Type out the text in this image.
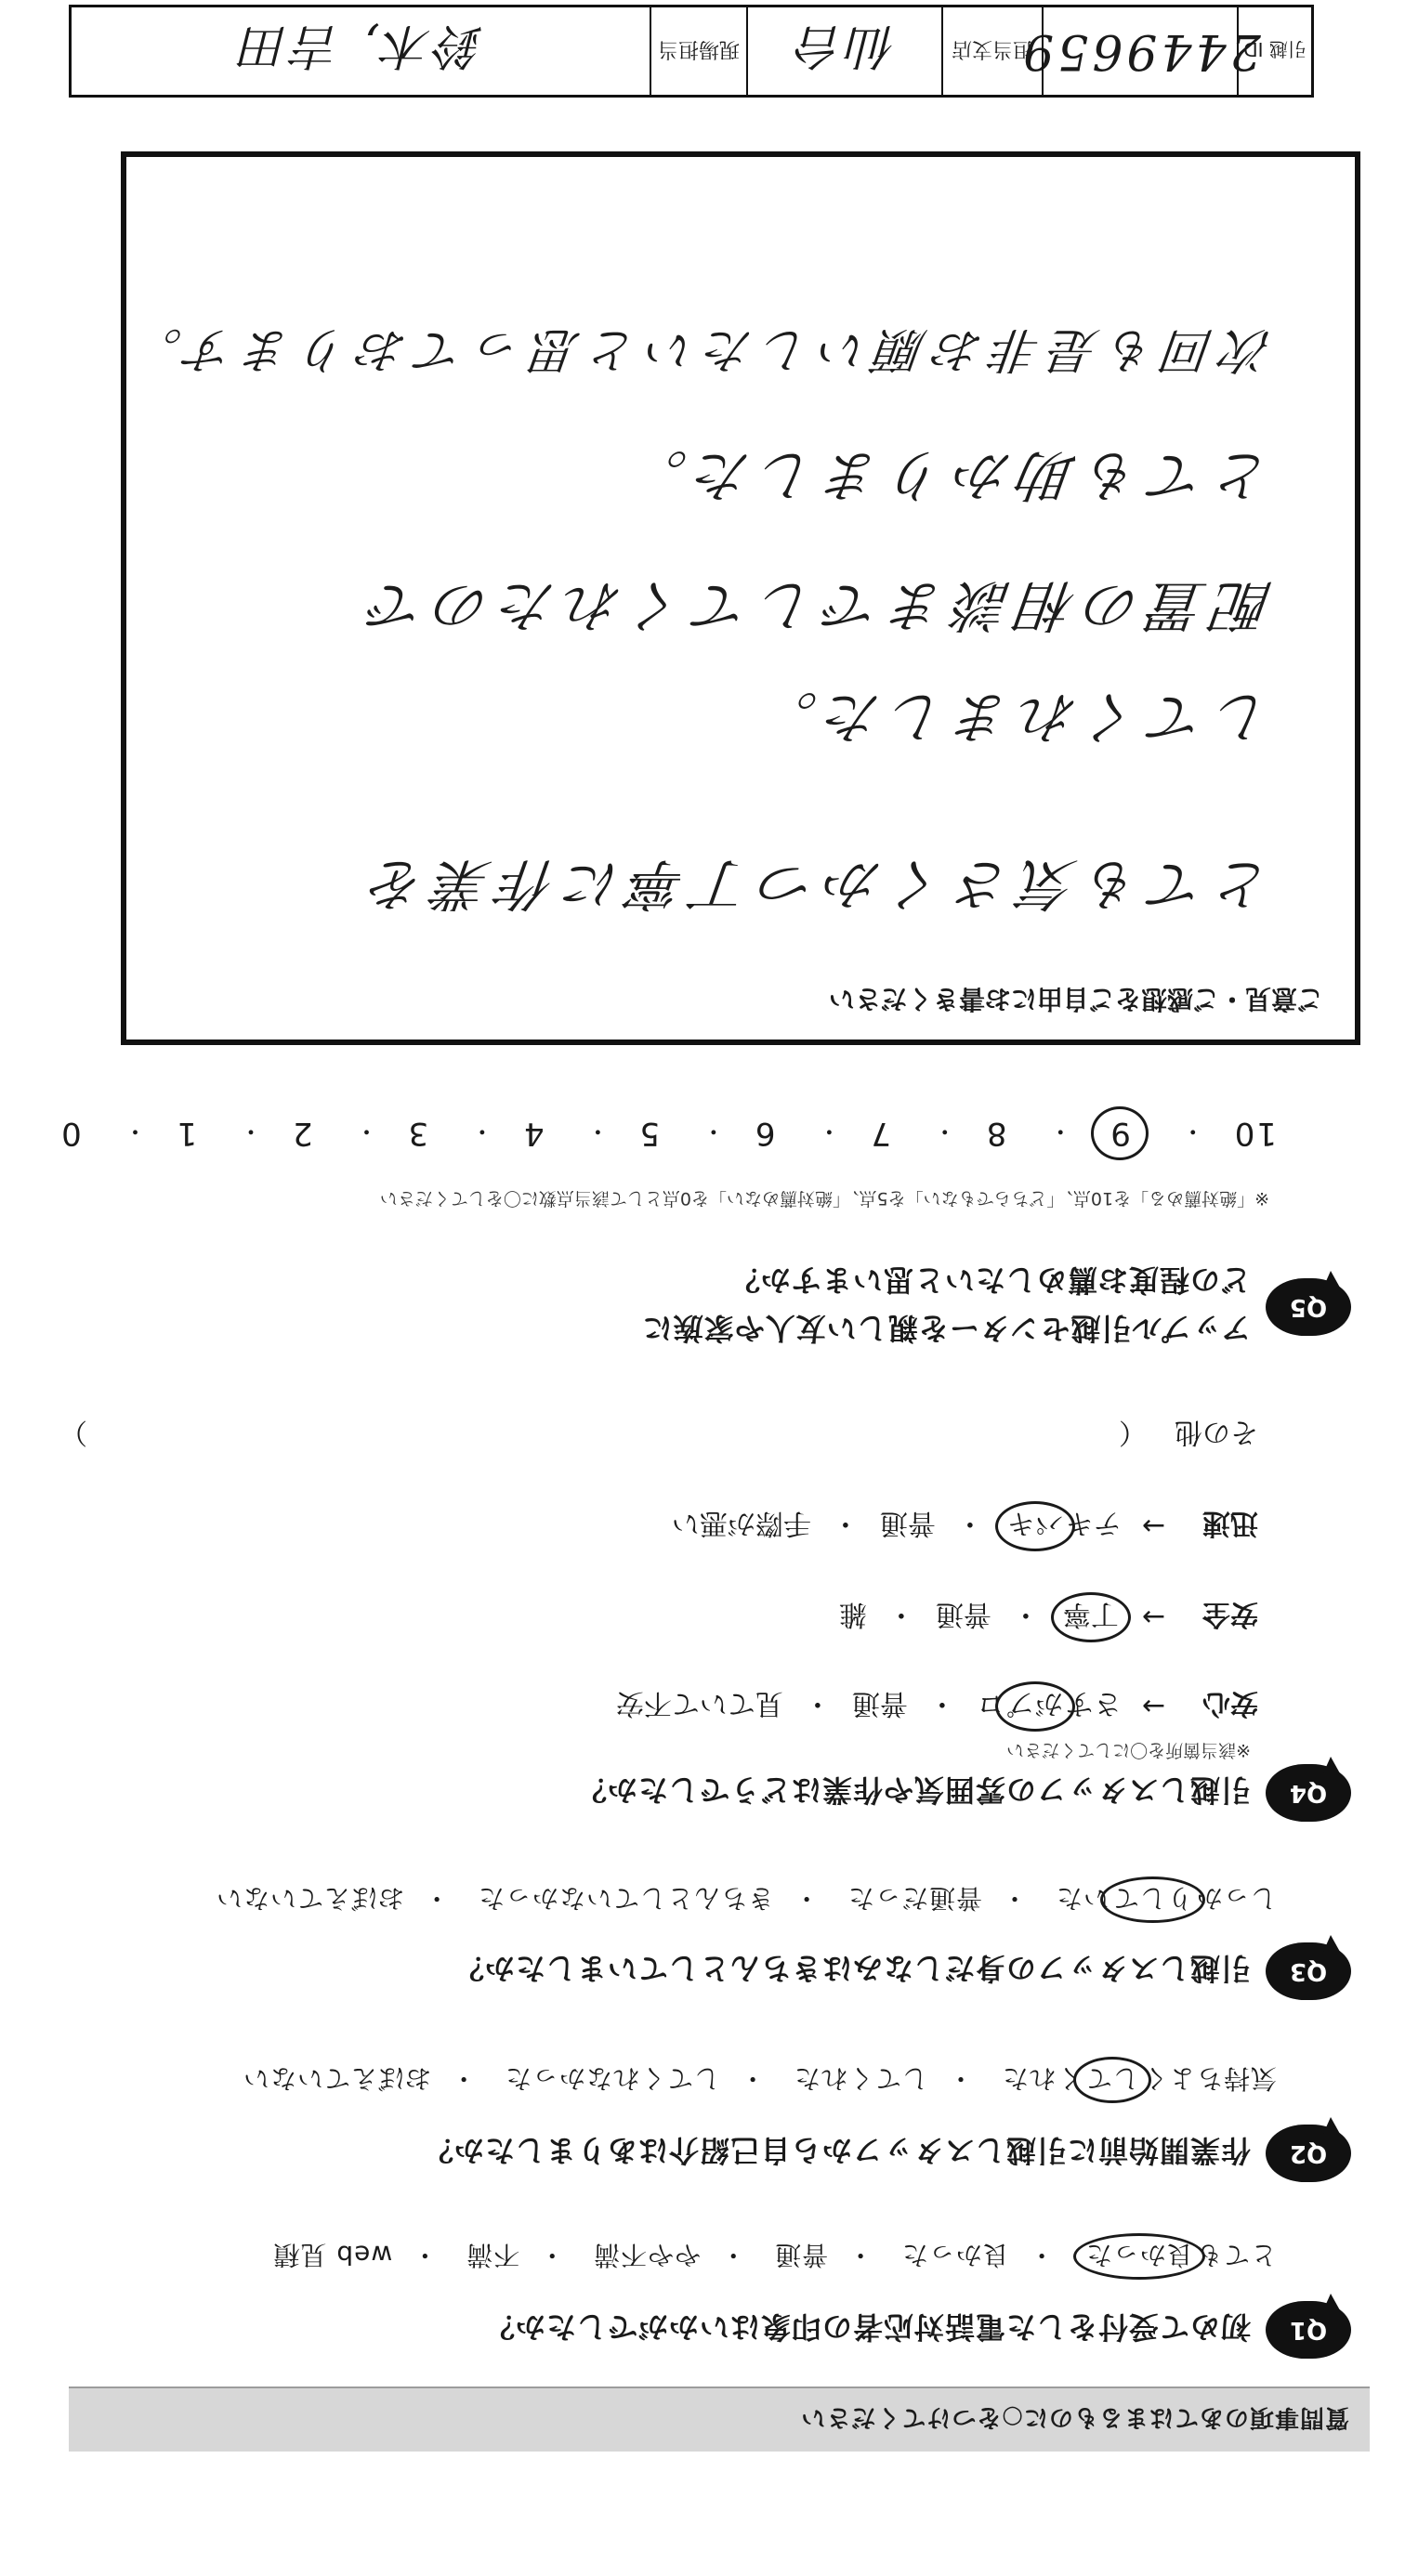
質問事項のあてはまるものに○をつけてください
Q1
初めて受付をした電話対応者の印象はいかがでしたか？
とても良かった ・良かった ・普通 ・やや不満 ・不満 ・web 見積
Q2
作業開始前に引越しスタッフから自己紹介はありましたか？
気持ちよくしてくれた ・してくれた ・してくれなかった ・おぼえていない
Q3
引越しスタッフの身だしなみはきちんとしていましたか？
しっかりしていた ・普通だった ・きちんとしていなかった ・おぼえていない
Q4
引越しスタッフの雰囲気や作業はどうでしたか？
※該当箇所を〇にしてください
安心
→
さすがプロ
・
普通
・
見ていて不安
安全
→
丁寧
・
普通
・
雑
迅速
→
テキパキ
・
普通
・
手際が悪い
その他
（
）
Q5
アップル引越センターを親しい友人や家族に
どの程度お薦めしたいと思いますか？
※「絶対薦める」を10点、「どちらでもない」を5点、「絶対薦めない」を0点として該当点数に〇をしてください
10・ 9・ 8・ 7・ 6・ 5・ 4・ 3・ 2・ 1・ 0
ご意見・ご感想をご自由にお書きください
とても気さくかつ丁寧に作業を
してくれました。
配置の相談までしてくれたので
とても助かりました。
次回も是非お願いしたいと思っております。
引越 ID
2449659
担当支店
仙台
現場担当
鈴木, 吉田
